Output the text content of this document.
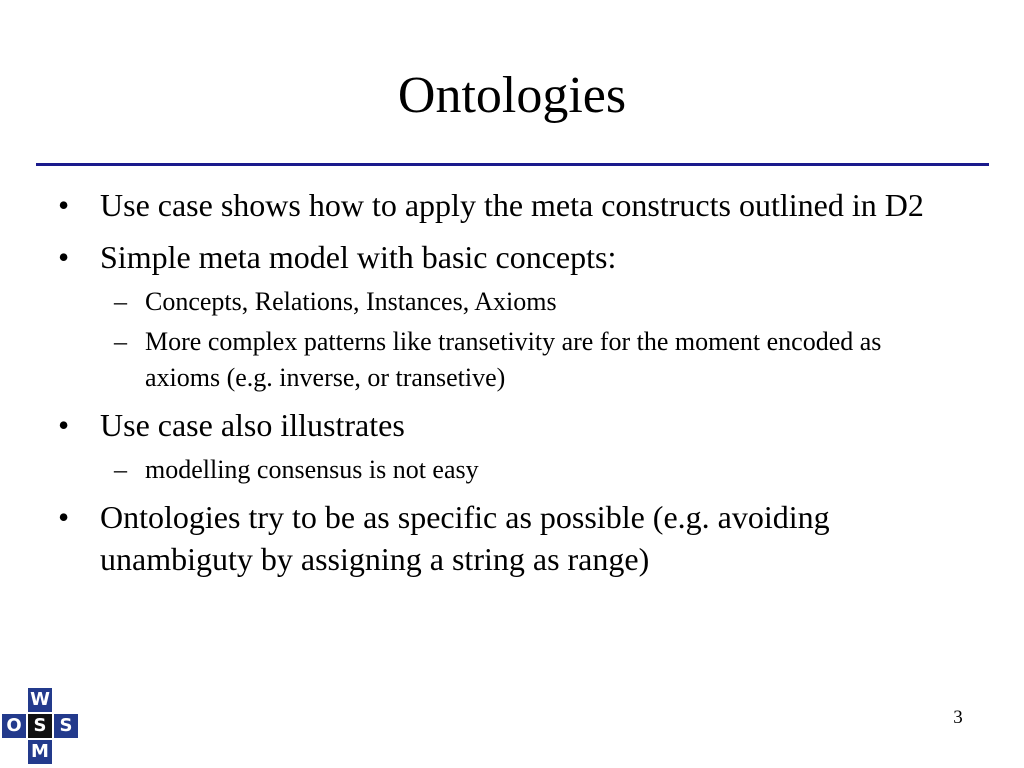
Ontologies
• Use case shows how to apply the meta constructs outlined in D2
• Simple meta model with basic concepts:
– Concepts, Relations, Instances, Axioms
– More complex patterns like transetivity are for the moment encoded as axioms (e.g. inverse, or transetive)
• Use case also illustrates
– modelling consensus is not easy
• Ontologies try to be as specific as possible (e.g. avoiding unambiguty by assigning a string as range)
W
O S S
M
3
